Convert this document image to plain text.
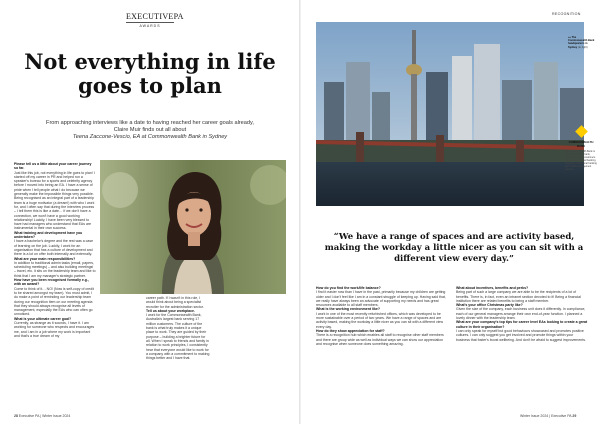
EXECUTIVEPA
AWARDS
Not everything in life goes to plan
From approaching interviews like a date to having reached her career goals already, Claire Muir finds out all about
Teena Zaccone-Vescio, EA at Commonwealth Bank in Sydney

Please tell us a little about your career journey so far.

Just like this job, not everything in life goes to plan! I started off my career in PR and helped run a speaker's bureau for a sports and celebrity agency before I moved into being an EA. I have a sense of pride when I tell people what I do because we generally make the impossible things very possible. Being recognised as an integral part of a leadership team is a huge motivator (a dream!) with who I work for, and I often say that during the interview process – I tell them this is like a date… if we don't have a connection, we won't have a good working relationship! Luckily, I have been very blessed to have had managers who understand that EAs are instrumental in their own success.

What training and development have you undertaken?

I have a bachelor's degree and the rest was a case of learning on the job. Luckily, I work for an organisation that has a culture of development and there is a lot on offer both internally and externally.

What are your main responsibilities?

In addition to traditional admin tasks (email, papers, scheduling meetings) – and also building meetings! – travel, etc. it sits on the leadership team and like to think that I am my manager's strategic partner.

How have you been recognised formally e.g., with an award?

Come to think of it… NO! (Now is self-copy of credit to be shared amongst my team). You must admit, I do make a point of reminding our leadership team during our recognition item on our meeting agenda that they should always recognise all levels of management, especially the EAs who can often go unnoticed.

What is your ultimate career goal?

Currently, as strange as it sounds, I have it. I am working for someone who respects and encourages me, and I am in a job where my work is important and that's a true dream of my

career path. If I wasn't in this role, I would think about being a specialist recruiter for the administration sector.

Tell us about your workplace.

I work for the Commonwealth Bank, Australia's largest bank serving 17 million customers. The culture of the bank is what truly makes it a unique place to work. They are guided by their purpose – building a brighter future for all. When I speak to friends and family in relation to work principles, I consistently hear that everyone would like to work for a company with a commitment to making things better and I have that.

28 Executive PA | Winter Issue 2024
RECOGNITION
»» The Commonwealth Bank headquarters in Sydney (to right)
COMMONWEALTH BANK
The Commonwealth Bank is Australia's largest bank, serving 17 million customers. It is a leader in retail banking, business, institutional banking and wealth management services.
“We have a range of spaces and are activity based, making the workday a little nicer as you can sit with a different view every day.”

How do you find the work/life balance?

I find it easier now than I have in the past, primarily because my children are getting older and I don't feel like I am in a constant struggle of keeping up. Having said that, we really have always been an advocate of supporting my needs and has great resources available to all staff members.

What is the working environment like?

I work in one of the most recently refurbished offices, which was developed to be more sustainable over a period of two years. We have a range of spaces and are activity based, making the workday a little nicer as you can sit with a different view every day.

How do they show appreciation for staff?

There is a recognition hub which enables all staff to recognise other staff members and there are group wide as well as individual ways we can show our appreciation and recognise when someone does something amazing.

What about incentives, benefits and perks?

Being part of such a large company we are able to be the recipients of a lot of benefits. There is, in fact, even an intranet section devoted to it! Being a financial institution there are related benefits to being a staff member.

What's your office Christmas party like?

Given the size of the company, each business unit does it differently. In compliance, each of our general managers arrange their own end-of-year function. I planned a lovely dinner with the leadership team.

What are your company's top tips for career level EAs looking to create a great culture in their organisation?

I can only speak for myself but good behaviours showcased and promotes positive cultures. I can only suggest you get involved and promote things within your business that foster's boost wellbeing. And don't be afraid to suggest improvements.

Winter Issue 2024 | Executive PA 29
